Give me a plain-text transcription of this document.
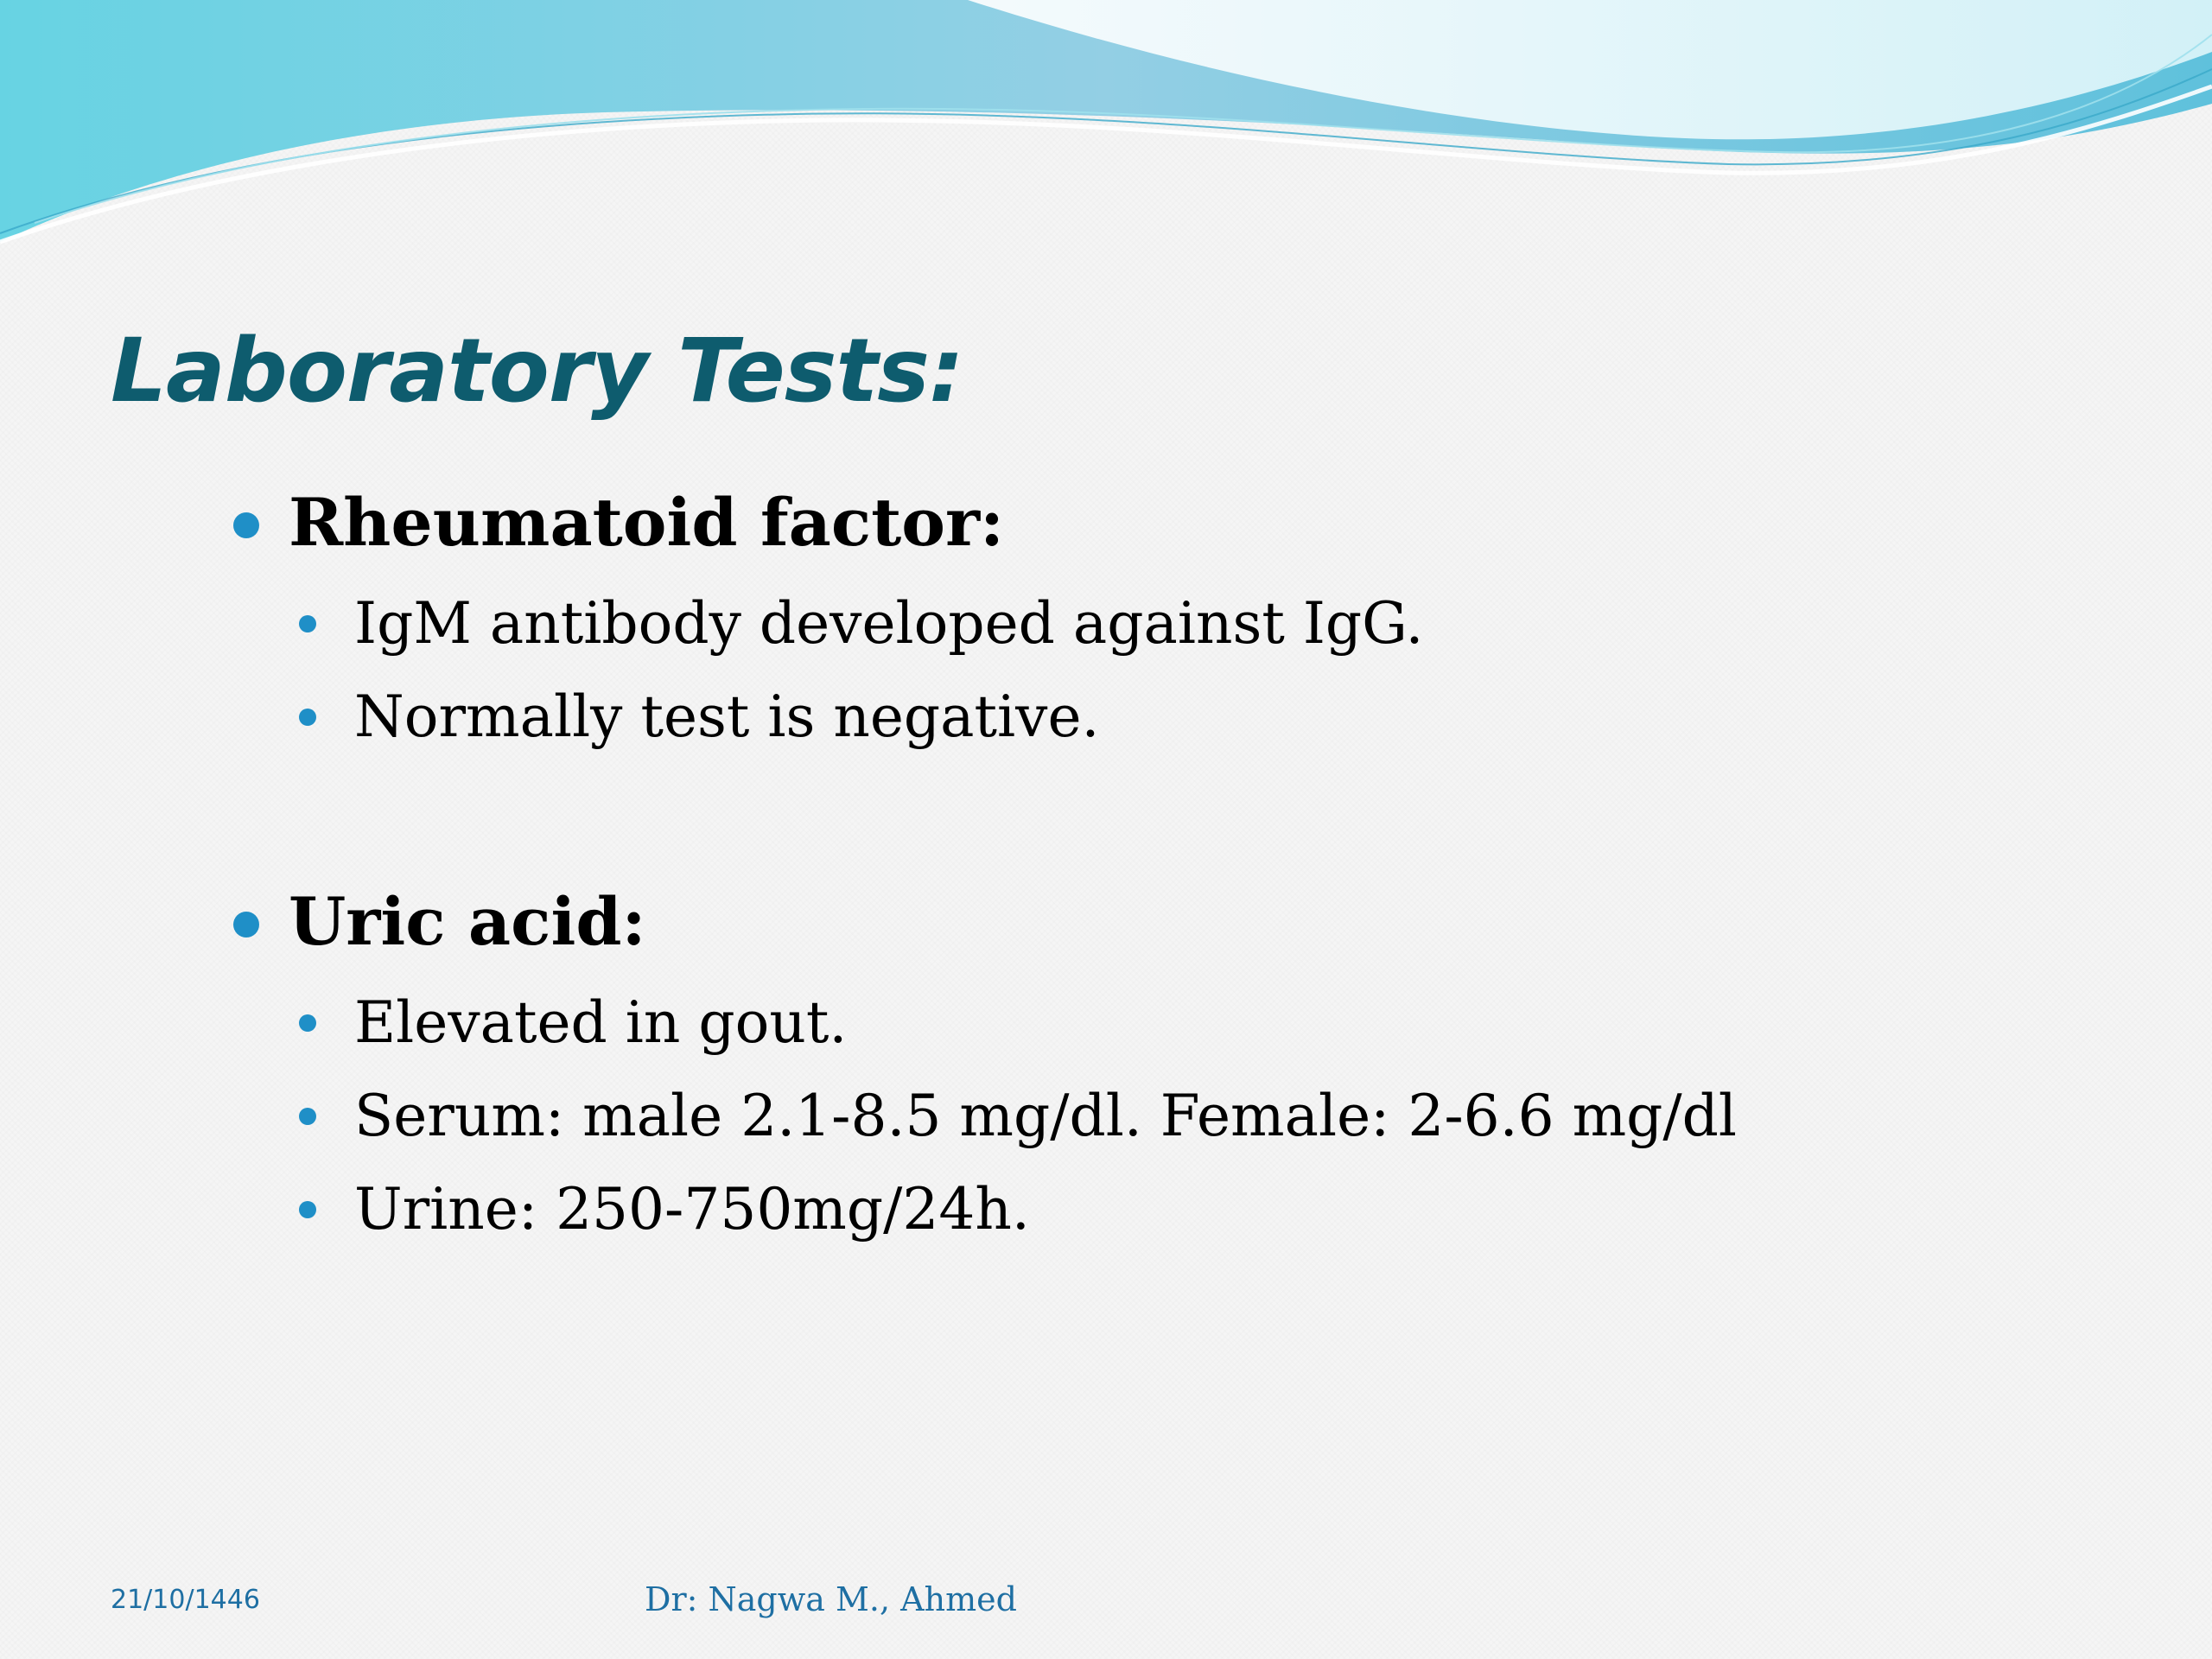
Laboratory Tests:
Rheumatoid factor:
IgM antibody developed against IgG.
Normally test is negative.
Uric acid:
Elevated in gout.
Serum: male 2.1-8.5 mg/dl. Female: 2-6.6 mg/dl
Urine: 250-750mg/24h.
21/10/1446	Dr: Nagwa M., Ahmed
